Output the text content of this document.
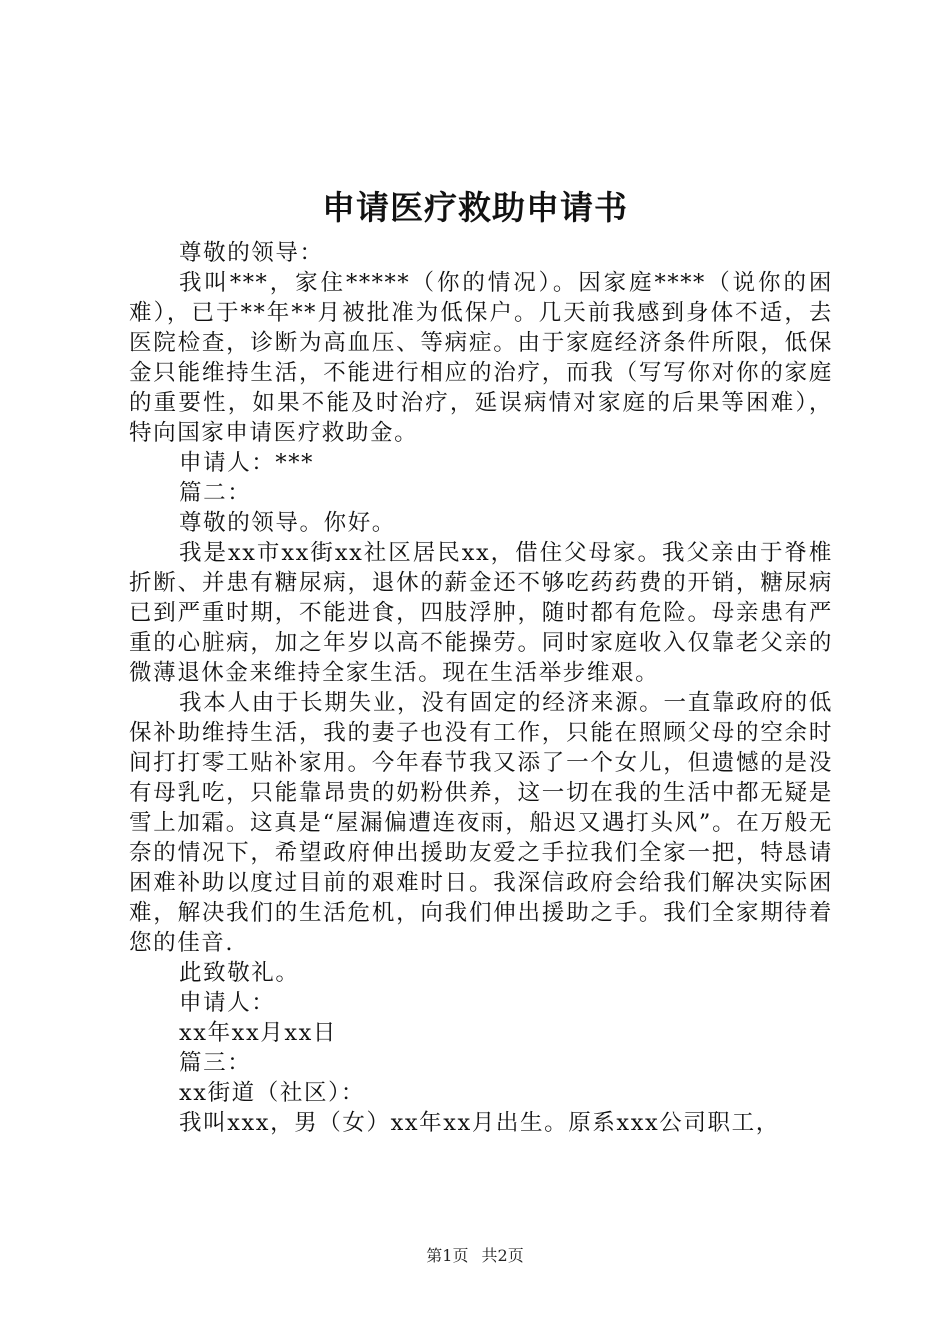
申请医疗救助申请书

尊敬的领导：

我叫***，家住*****（你的情况）。因家庭****（说你的困难），已于**年**月被批准为低保户。几天前我感到身体不适，去医院检查，诊断为高血压、等病症。由于家庭经济条件所限，低保金只能维持生活，不能进行相应的治疗，而我（写写你对你的家庭的重要性，如果不能及时治疗，延误病情对家庭的后果等困难），特向国家申请医疗救助金。

申请人：***

篇二：

尊敬的领导。你好。

我是xx市xx街xx社区居民xx，借住父母家。我父亲由于脊椎折断、并患有糖尿病，退休的薪金还不够吃药药费的开销，糖尿病已到严重时期，不能进食，四肢浮肿，随时都有危险。母亲患有严重的心脏病，加之年岁以高不能操劳。同时家庭收入仅靠老父亲的微薄退休金来维持全家生活。现在生活举步维艰。

我本人由于长期失业，没有固定的经济来源。一直靠政府的低保补助维持生活，我的妻子也没有工作，只能在照顾父母的空余时间打打零工贴补家用。今年春节我又添了一个女儿，但遗憾的是没有母乳吃，只能靠昂贵的奶粉供养，这一切在我的生活中都无疑是雪上加霜。这真是“屋漏偏遭连夜雨，船迟又遇打头风”。在万般无奈的情况下，希望政府伸出援助友爱之手拉我们全家一把，特恳请困难补助以度过目前的艰难时日。我深信政府会给我们解决实际困难，解决我们的生活危机，向我们伸出援助之手。我们全家期待着您的佳音.

此致敬礼。

申请人：

xx年xx月xx日

篇三：

xx街道（社区）：

我叫xxx，男（女）xx年xx月出生。原系xxx公司职工，

第1页 共2页
